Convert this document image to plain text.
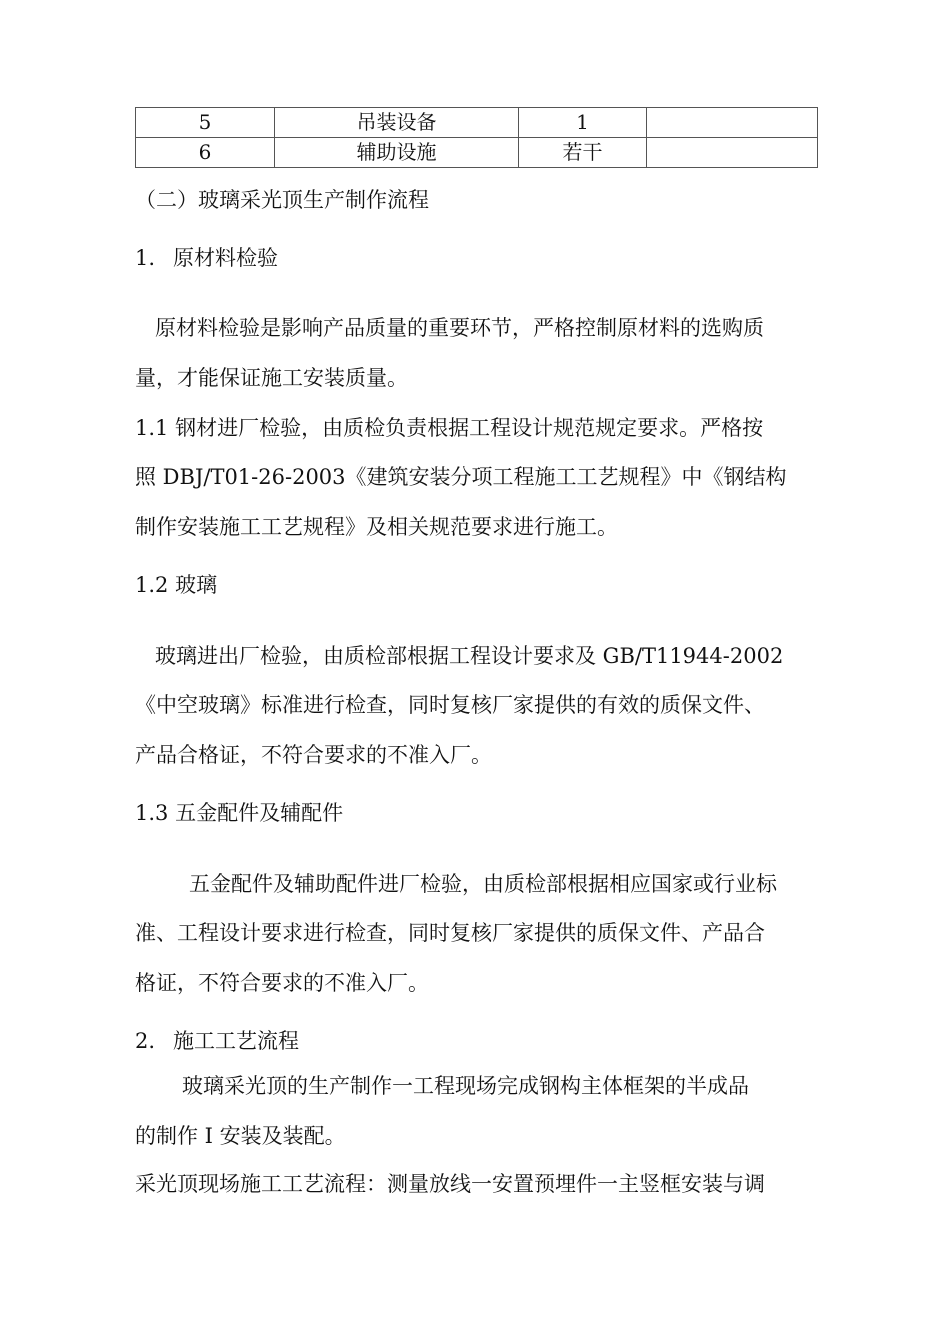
5	吊装设备	1	
6	辅助设施	若干	
（二）玻璃采光顶生产制作流程
1. 原材料检验
原材料检验是影响产品质量的重要环节，严格控制原材料的选购质
量，才能保证施工安装质量。
1.1 钢材进厂检验，由质检负责根据工程设计规范规定要求。严格按
照 DBJ/T01-26-2003《建筑安装分项工程施工工艺规程》中《钢结构
制作安装施工工艺规程》及相关规范要求进行施工。
1.2 玻璃
玻璃进出厂检验，由质检部根据工程设计要求及 GB/T11944-2002
《中空玻璃》标准进行检查，同时复核厂家提供的有效的质保文件、
产品合格证，不符合要求的不准入厂。
1.3 五金配件及辅配件
五金配件及辅助配件进厂检验，由质检部根据相应国家或行业标
准、工程设计要求进行检查，同时复核厂家提供的质保文件、产品合
格证，不符合要求的不准入厂。
2. 施工工艺流程
玻璃采光顶的生产制作一工程现场完成钢构主体框架的半成品
的制作 I 安装及装配。
采光顶现场施工工艺流程：测量放线一安置预埋件一主竖框安装与调
